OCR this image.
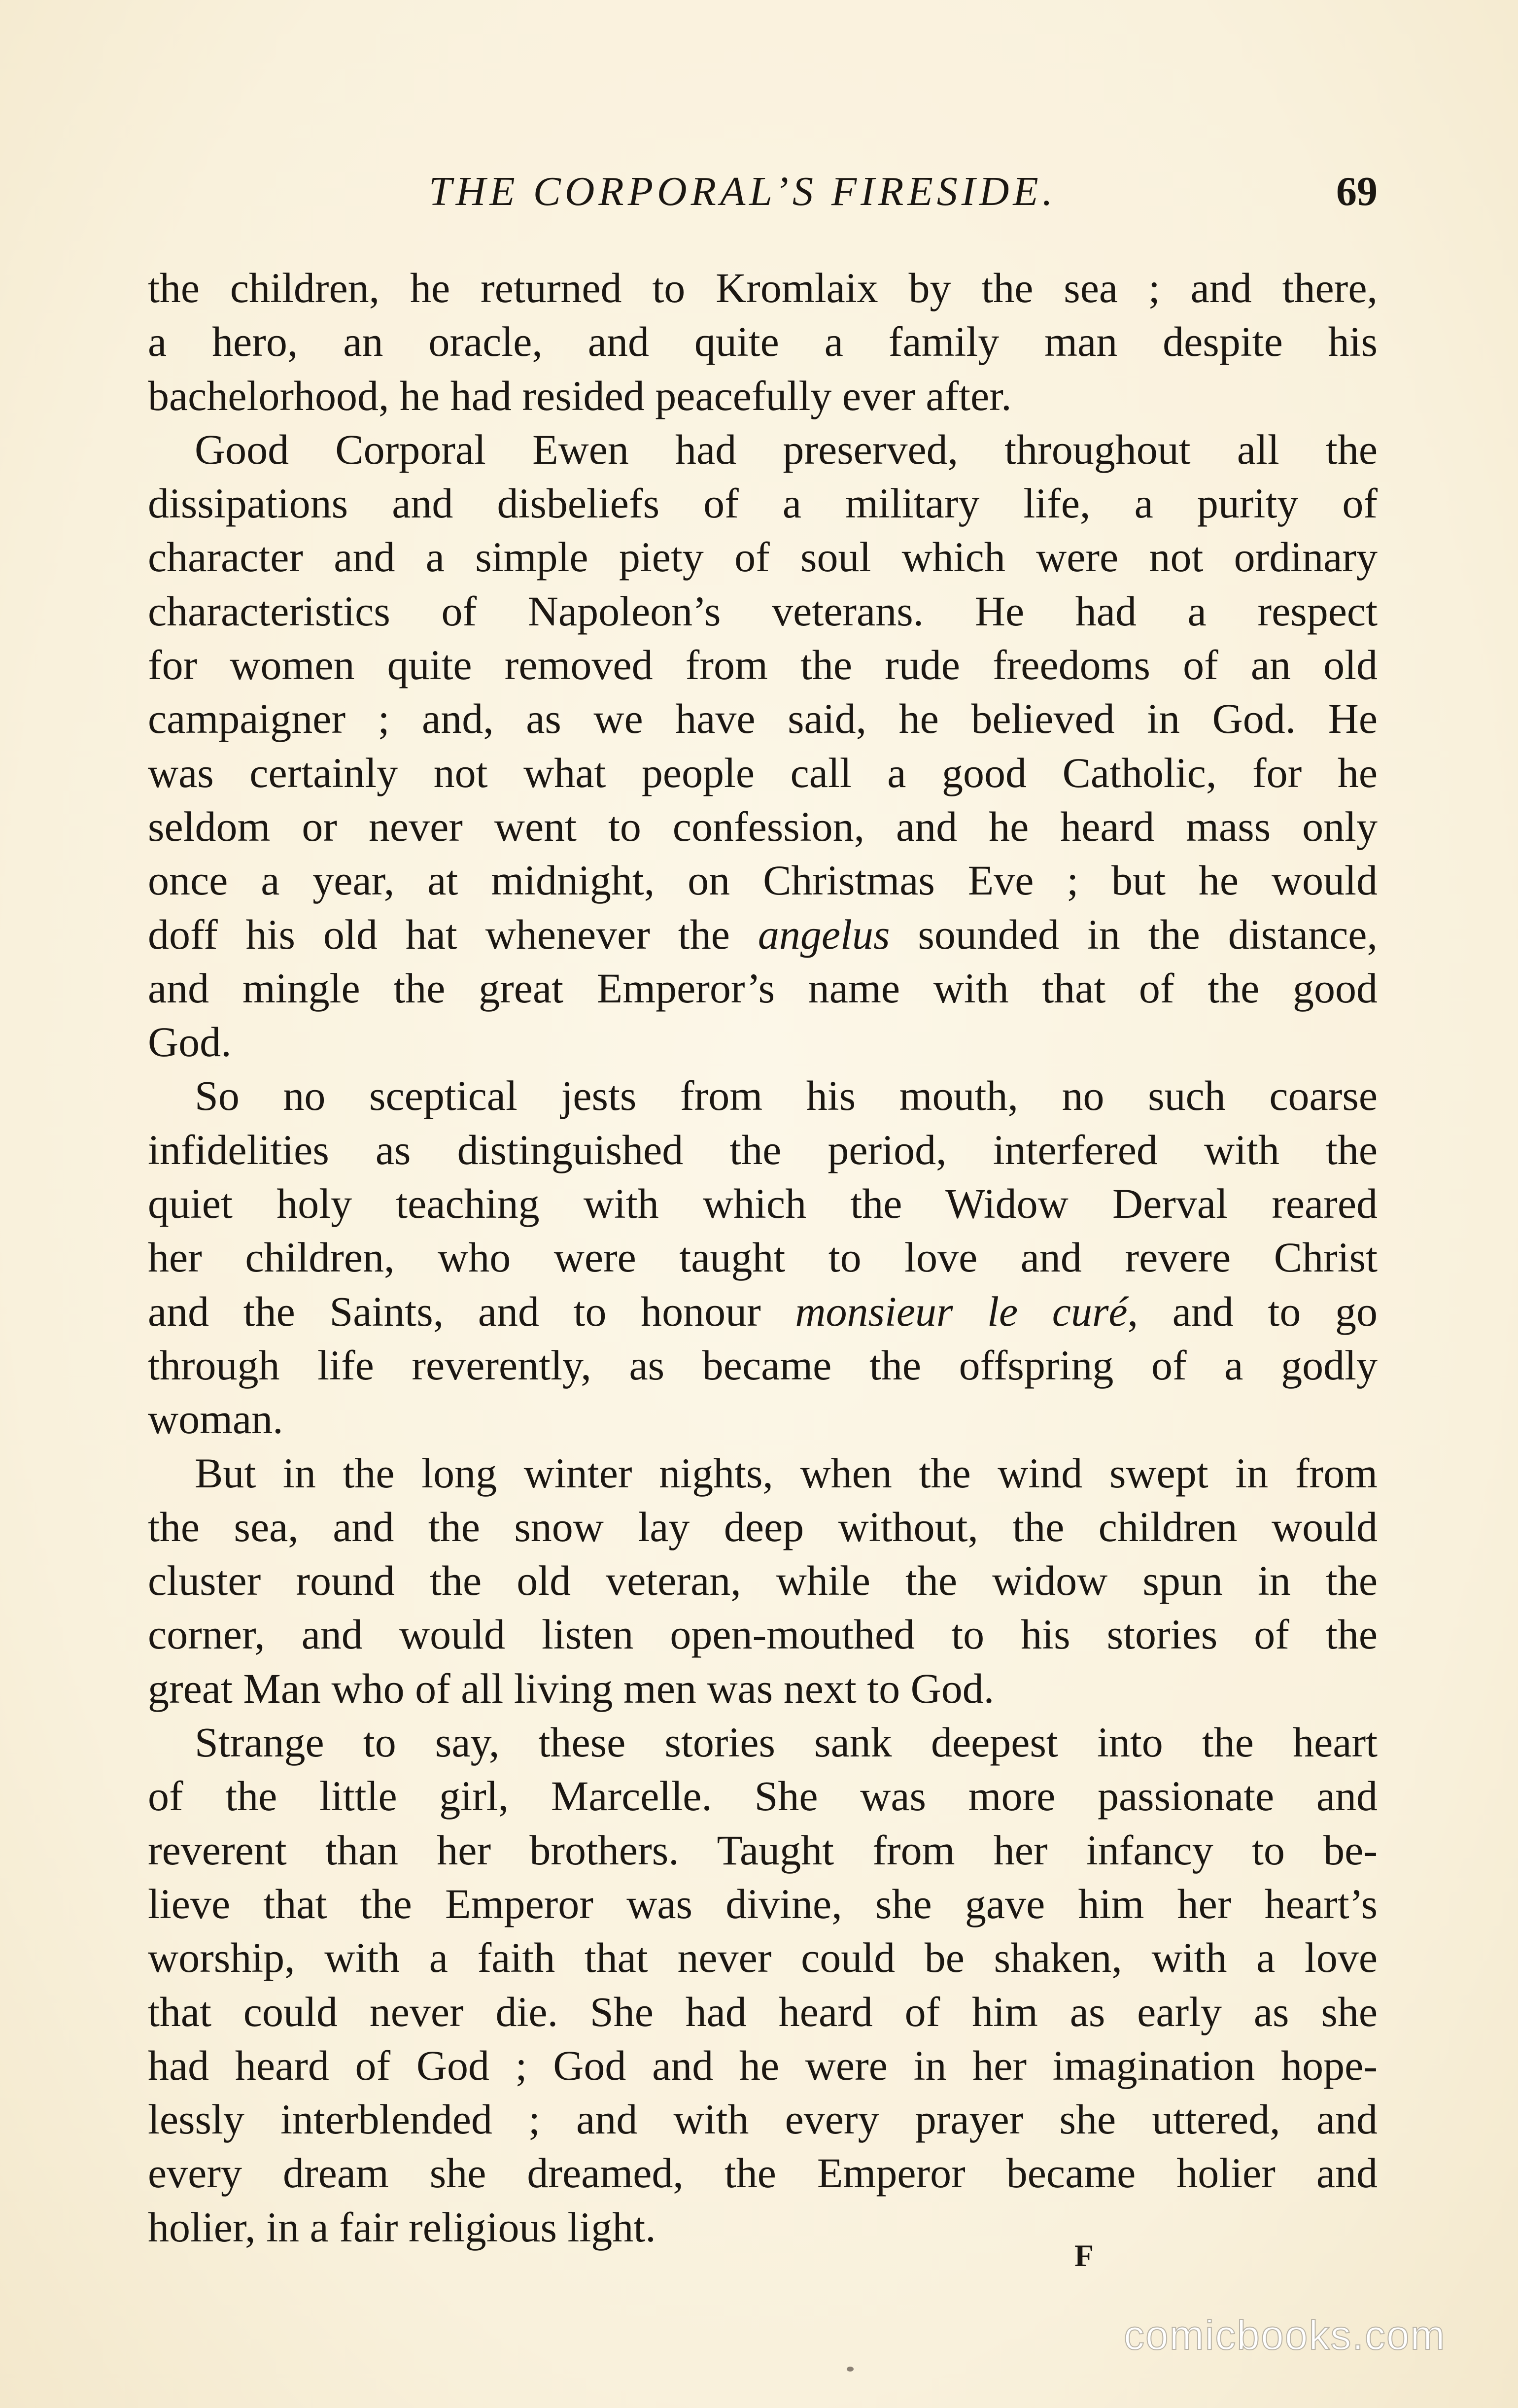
THE CORPORAL’S FIRESIDE.	69
the children, he returned to Kromlaix by the sea ; and there,
a hero, an oracle, and quite a family man despite his
bachelorhood, he had resided peacefully ever after.
Good Corporal Ewen had preserved, throughout all the
dissipations and disbeliefs of a military life, a purity of
character and a simple piety of soul which were not ordinary
characteristics of Napoleon’s veterans. He had a respect
for women quite removed from the rude freedoms of an old
campaigner ; and, as we have said, he believed in God. He
was certainly not what people call a good Catholic, for he
seldom or never went to confession, and he heard mass only
once a year, at midnight, on Christmas Eve ; but he would
doff his old hat whenever the angelus sounded in the distance,
and mingle the great Emperor’s name with that of the good
God.
So no sceptical jests from his mouth, no such coarse
infidelities as distinguished the period, interfered with the
quiet holy teaching with which the Widow Derval reared
her children, who were taught to love and revere Christ
and the Saints, and to honour monsieur le curé, and to go
through life reverently, as became the offspring of a godly
woman.
But in the long winter nights, when the wind swept in from
the sea, and the snow lay deep without, the children would
cluster round the old veteran, while the widow spun in the
corner, and would listen open-mouthed to his stories of the
great Man who of all living men was next to God.
Strange to say, these stories sank deepest into the heart
of the little girl, Marcelle. She was more passionate and
reverent than her brothers. Taught from her infancy to be-
lieve that the Emperor was divine, she gave him her heart’s
worship, with a faith that never could be shaken, with a love
that could never die. She had heard of him as early as she
had heard of God ; God and he were in her imagination hope-
lessly interblended ; and with every prayer she uttered, and
every dream she dreamed, the Emperor became holier and
holier, in a fair religious light.
F
comicbooks.com
